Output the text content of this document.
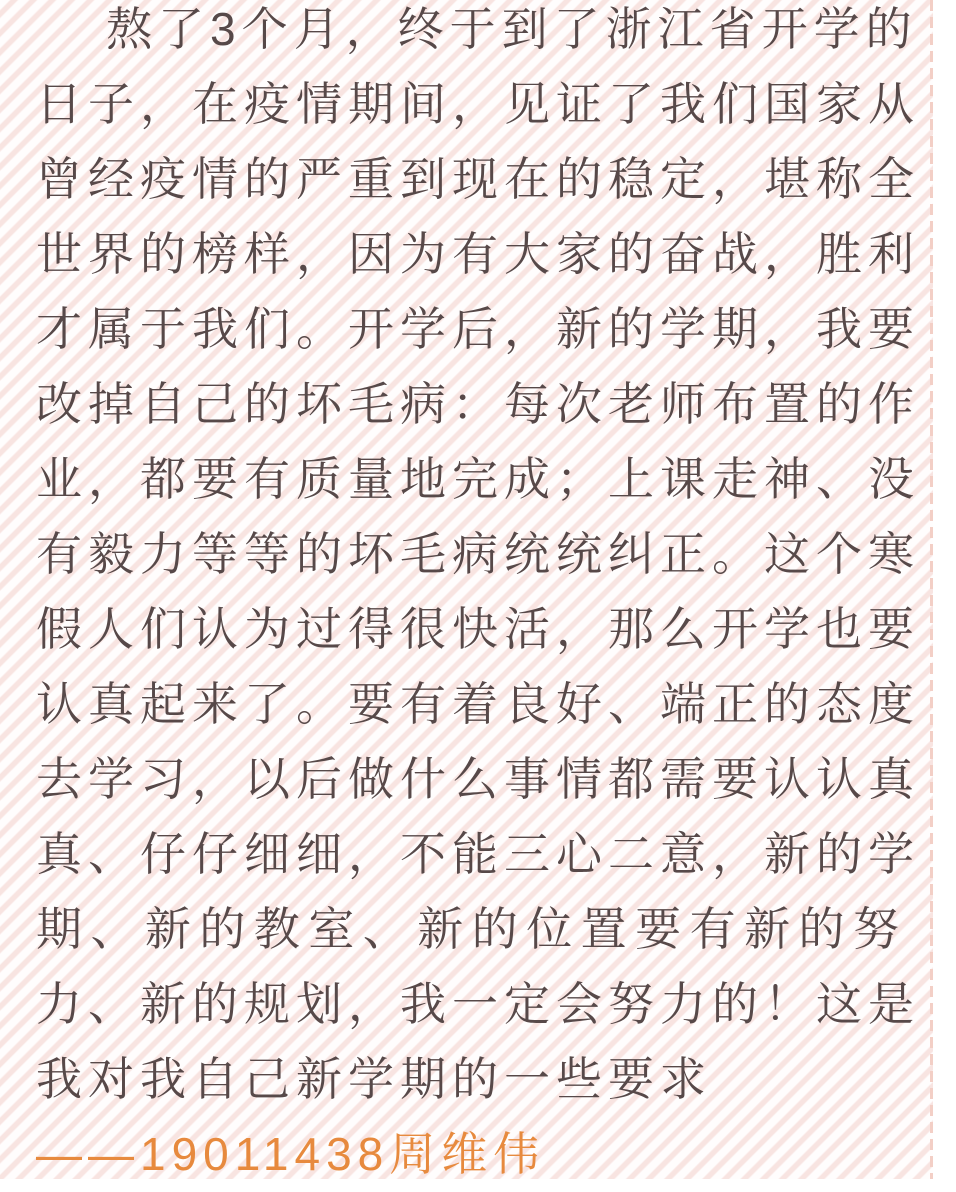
熬了3个月，终于到了浙江省开学的
日子，在疫情期间，见证了我们国家从
曾经疫情的严重到现在的稳定，堪称全
世界的榜样，因为有大家的奋战，胜利
才属于我们。开学后，新的学期，我要
改掉自己的坏毛病：每次老师布置的作
业，都要有质量地完成；上课走神、没
有毅力等等的坏毛病统统纠正。这个寒
假人们认为过得很快活，那么开学也要
认真起来了。要有着良好、端正的态度
去学习，以后做什么事情都需要认认真
真、仔仔细细，不能三心二意，新的学
期、新的教室、新的位置要有新的努
力、新的规划，我一定会努力的！这是
我对我自己新学期的一些要求
——19011438周维伟
